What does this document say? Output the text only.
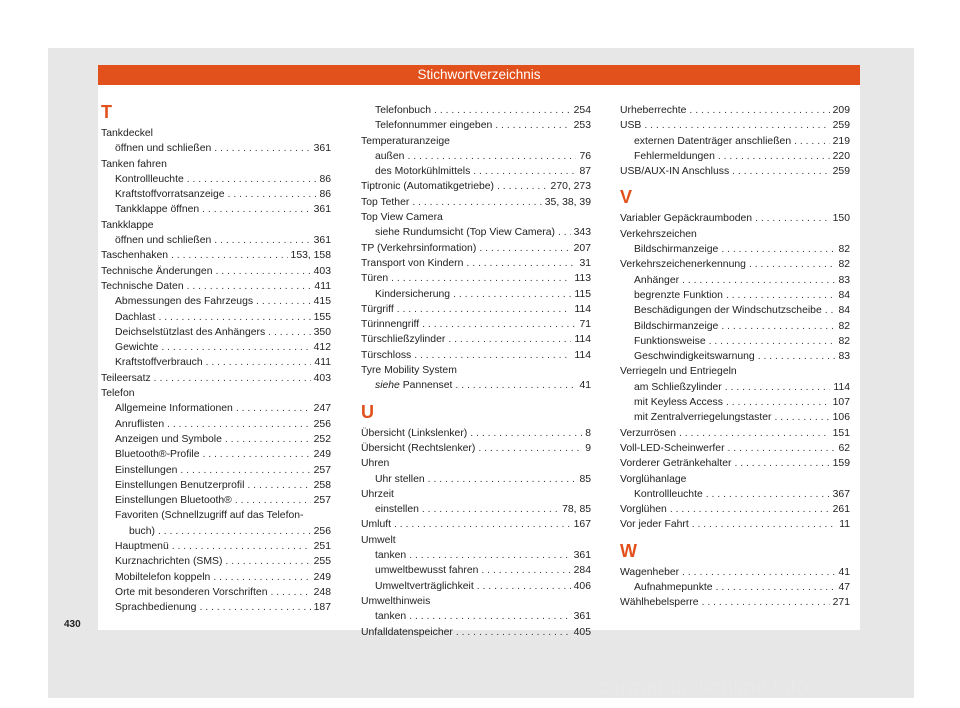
Stichwortverzeichnis
T
Tankdeckel
öffnen und schließen . . .	361
Tanken fahren
Kontrollleuchte . . .	86
Kraftstoffvorratsanzeige . . .	86
Tankklappe öffnen . . .	361
Tankklappe
öffnen und schließen . . .	361
Taschenhaken . . .	153, 158
Technische Änderungen . . .	403
Technische Daten . . .	411
Abmessungen des Fahrzeugs . . .	415
Dachlast . . .	155
Deichselstützlast des Anhängers . . .	350
Gewichte . . .	412
Kraftstoffverbrauch . . .	411
Teileersatz . . .	403
Telefon
Allgemeine Informationen . . .	247
Anruflisten . . .	256
Anzeigen und Symbole . . .	252
Bluetooth®-Profile . . .	249
Einstellungen . . .	257
Einstellungen Benutzerprofil . . .	258
Einstellungen Bluetooth® . . .	257
Favoriten (Schnellzugriff auf das Telefon-
buch) . . .	256
Hauptmenü . . .	251
Kurznachrichten (SMS) . . .	255
Mobiltelefon koppeln . . .	249
Orte mit besonderen Vorschriften . . .	248
Sprachbedienung . . .	187
Telefonbuch . . .	254
Telefonnummer eingeben . . .	253
Temperaturanzeige
außen . . .	76
des Motorkühlmittels . . .	87
Tiptronic (Automatikgetriebe) . . .	270, 273
Top Tether . . .	35, 38, 39
Top View Camera
siehe Rundumsicht (Top View Camera) . . . 343
TP (Verkehrsinformation) . . .	207
Transport von Kindern . . .	31
Türen . . .	113
Kindersicherung . . .	115
Türgriff . . .	114
Türinnengriff . . .	71
Türschließzylinder . . .	114
Türschloss . . .	114
Tyre Mobility System
siehe Pannenset . . .	41
U
Übersicht (Linkslenker) . . .	8
Übersicht (Rechtslenker) . . .	9
Uhren
Uhr stellen . . .	85
Uhrzeit
einstellen . . .	78, 85
Umluft . . .	167
Umwelt
tanken . . .	361
umweltbewusst fahren . . .	284
Umweltverträglichkeit . . .	406
Umwelthinweis
tanken . . .	361
Unfalldatenspeicher . . .	405
Urheberrechte . . .	209
USB . . .	259
externen Datenträger anschließen . . .	219
Fehlermeldungen . . .	220
USB/AUX-IN Anschluss . . .	259
V
Variabler Gepäckraumboden . . .	150
Verkehrszeichen
Bildschirmanzeige . . .	82
Verkehrszeichenerkennung . . .	82
Anhänger . . .	83
begrenzte Funktion . . .	84
Beschädigungen der Windschutzscheibe . . . 84
Bildschirmanzeige . . .	82
Funktionsweise . . .	82
Geschwindigkeitswarnung . . .	83
Verriegeln und Entriegeln
am Schließzylinder . . .	114
mit Keyless Access . . .	107
mit Zentralverriegelungstaster . . .	106
Verzurrösen . . .	151
Voll-LED-Scheinwerfer . . .	62
Vorderer Getränkehalter . . .	159
Vorglühanlage
Kontrollleuchte . . .	367
Vorglühen . . .	261
Vor jeder Fahrt . . .	11
W
Wagenheber . . .	41
Aufnahmepunkte . . .	47
Wählhebelsperre . . .	271
430
carmanualsonline.info
